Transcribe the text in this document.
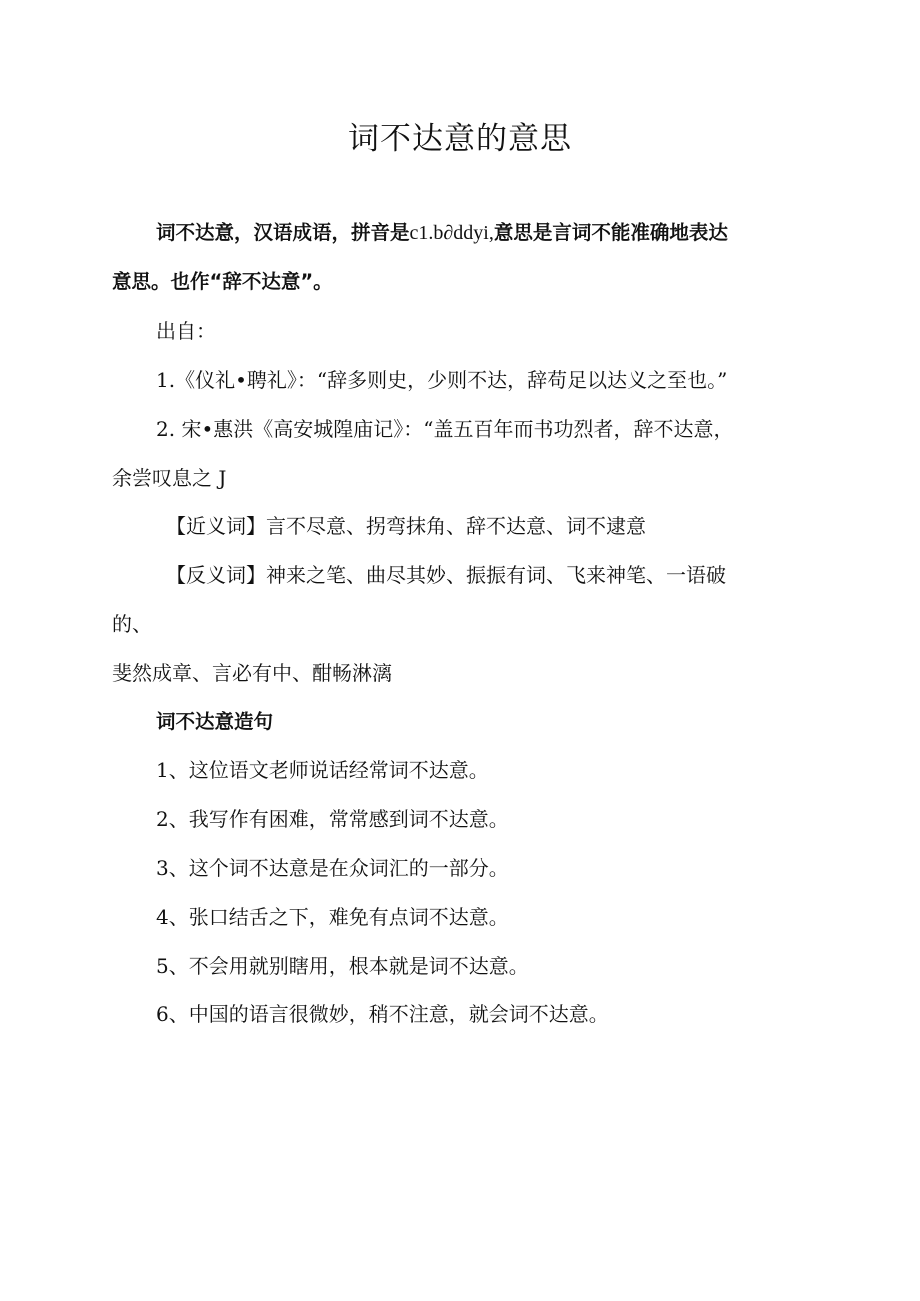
词不达意的意思
词不达意，汉语成语，拼音是c1.b∂ddyi,意思是言词不能准确地表达
意思。也作“辞不达意”。
出自：
1.《仪礼•聘礼》：“辞多则史，少则不达，辞苟足以达义之至也。”
2. 宋•惠洪《高安城隍庙记》：“盖五百年而书功烈者，辞不达意，
余尝叹息之 J
【近义词】言不尽意、拐弯抹角、辞不达意、词不逮意
【反义词】神来之笔、曲尽其妙、振振有词、飞来神笔、一语破
的、
斐然成章、言必有中、酣畅淋漓
词不达意造句
1、这位语文老师说话经常词不达意。
2、我写作有困难，常常感到词不达意。
3、这个词不达意是在众词汇的一部分。
4、张口结舌之下，难免有点词不达意。
5、不会用就别瞎用，根本就是词不达意。
6、中国的语言很微妙，稍不注意，就会词不达意。
